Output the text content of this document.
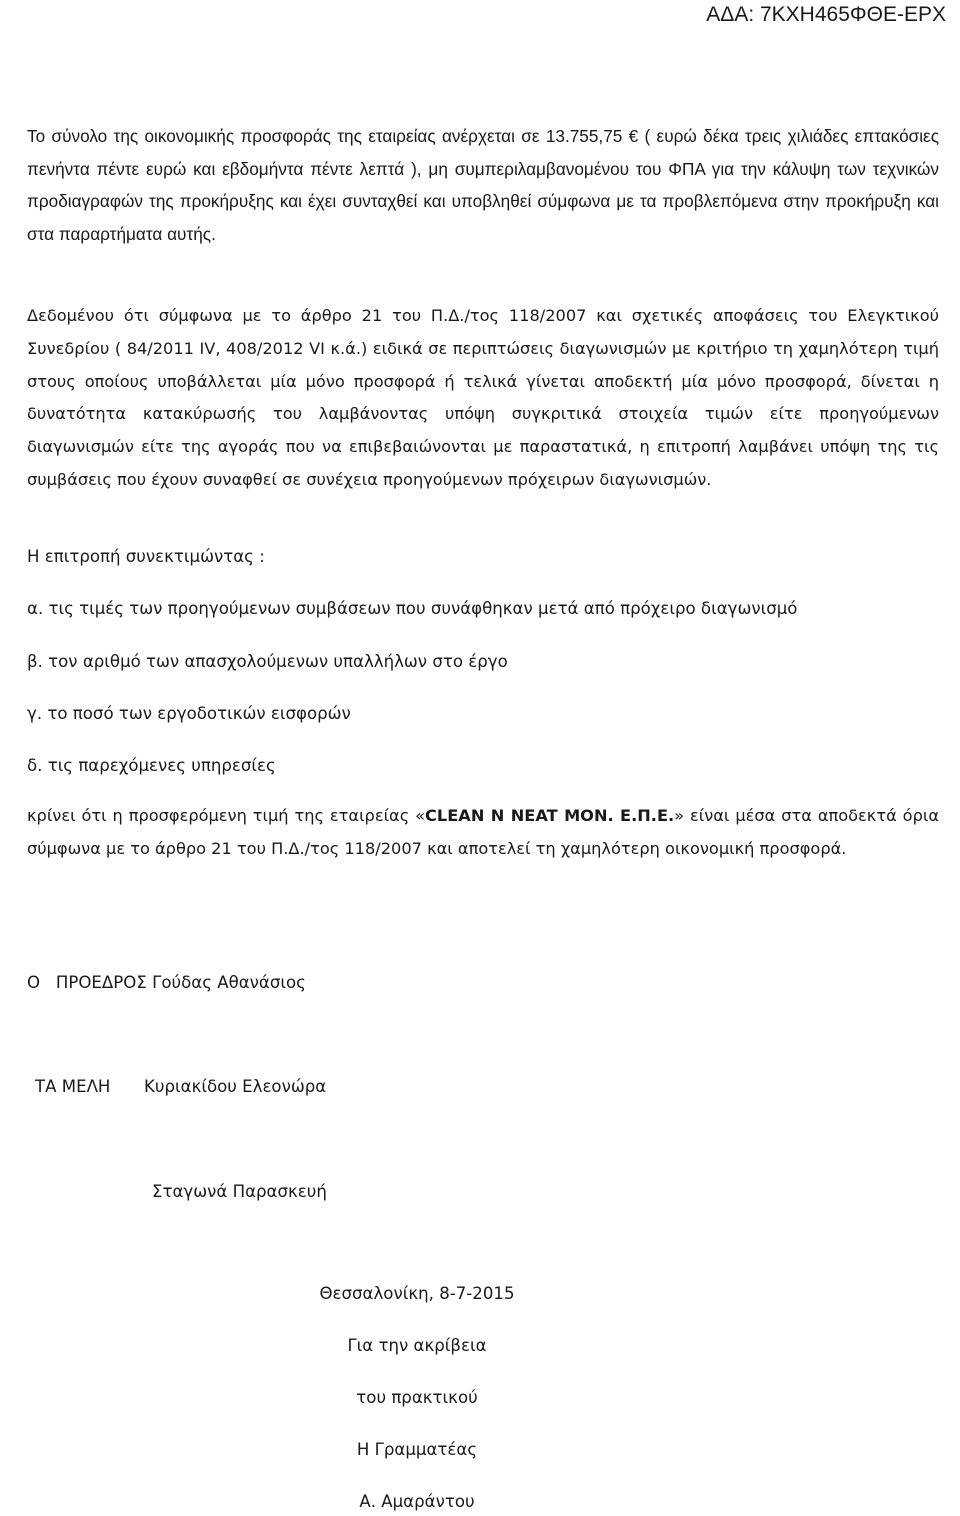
ΑΔΑ: 7ΚΧΗ465ΦΘΕ-ΕΡΧ

Το σύνολο της οικονομικής προσφοράς της εταιρείας ανέρχεται σε 13.755,75 € ( ευρώ δέκα τρεις χιλιάδες επτακόσιες πενήντα πέντε ευρώ και εβδομήντα πέντε λεπτά ), μη συμπεριλαμβανομένου του ΦΠΑ για την κάλυψη των τεχνικών προδιαγραφών της προκήρυξης και έχει συνταχθεί και υποβληθεί σύμφωνα με τα προβλεπόμενα στην προκήρυξη και στα παραρτήματα αυτής.

Δεδομένου ότι σύμφωνα με το άρθρο 21 του Π.Δ./τος 118/2007 και σχετικές αποφάσεις του Ελεγκτικού Συνεδρίου ( 84/2011 IV, 408/2012 VI κ.ά.) ειδικά σε περιπτώσεις διαγωνισμών με κριτήριο τη χαμηλότερη τιμή στους οποίους υποβάλλεται μία μόνο προσφορά ή τελικά γίνεται αποδεκτή μία μόνο προσφορά, δίνεται η δυνατότητα κατακύρωσής του λαμβάνοντας υπόψη συγκριτικά στοιχεία τιμών είτε προηγούμενων διαγωνισμών είτε της αγοράς που να επιβεβαιώνονται με παραστατικά, η επιτροπή λαμβάνει υπόψη της τις συμβάσεις που έχουν συναφθεί σε συνέχεια προηγούμενων πρόχειρων διαγωνισμών.

Η επιτροπή συνεκτιμώντας :

α. τις τιμές των προηγούμενων συμβάσεων που συνάφθηκαν μετά από πρόχειρο διαγωνισμό

β. τον αριθμό των απασχολούμενων υπαλλήλων στο έργο

γ. το ποσό των εργοδοτικών εισφορών

δ. τις παρεχόμενες υπηρεσίες

κρίνει ότι η προσφερόμενη τιμή της εταιρείας «CLEAN N NEAT MON. Ε.Π.Ε.» είναι μέσα στα αποδεκτά όρια σύμφωνα με το άρθρο 21 του Π.Δ./τος 118/2007 και αποτελεί τη χαμηλότερη οικονομική προσφορά.

Ο   ΠΡΟΕΔΡΟΣ Γούδας Αθανάσιος

ΤΑ ΜΕΛΗ Κυριακίδου Ελεονώρα

Σταγωνά Παρασκευή

Θεσσαλονίκη, 8-7-2015

Για την ακρίβεια

του πρακτικού

Η Γραμματέας

Α. Αμαράντου
